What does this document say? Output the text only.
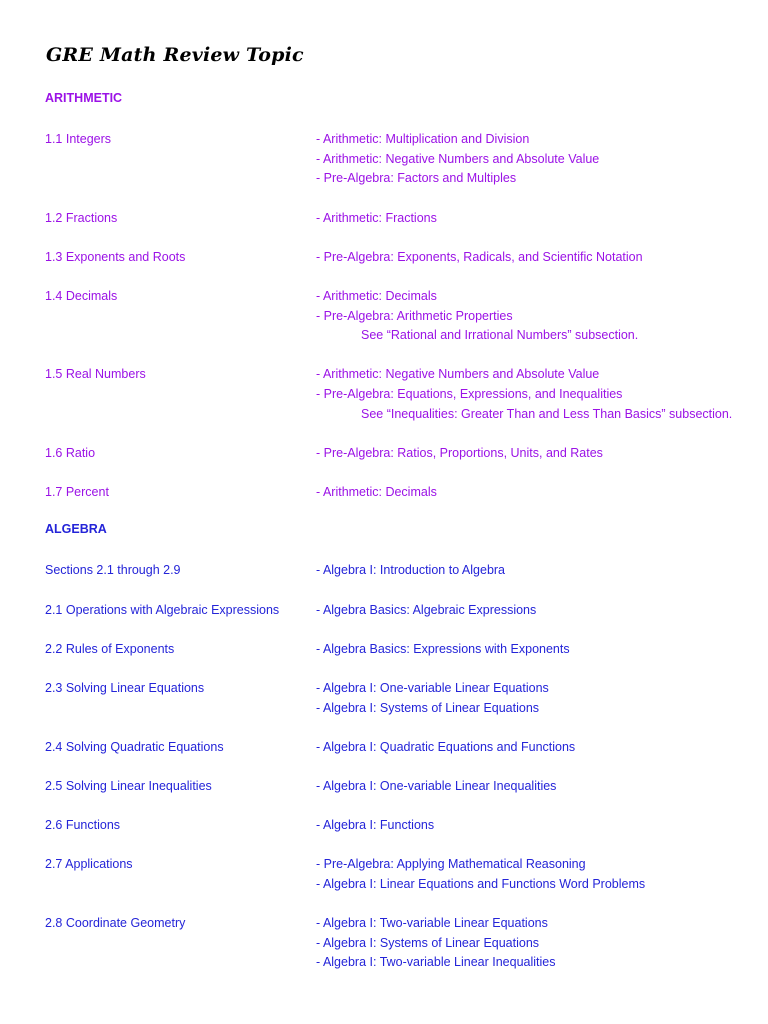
GRE Math Review Topic
ARITHMETIC
1.1 Integers	- Arithmetic: Multiplication and Division
- Arithmetic: Negative Numbers and Absolute Value
- Pre-Algebra: Factors and Multiples
1.2 Fractions	- Arithmetic: Fractions
1.3 Exponents and Roots	- Pre-Algebra: Exponents, Radicals, and Scientific Notation
1.4 Decimals	- Arithmetic: Decimals
- Pre-Algebra: Arithmetic Properties
See “Rational and Irrational Numbers” subsection.
1.5 Real Numbers	- Arithmetic: Negative Numbers and Absolute Value
- Pre-Algebra: Equations, Expressions, and Inequalities
See “Inequalities: Greater Than and Less Than Basics” subsection.
1.6 Ratio	- Pre-Algebra: Ratios, Proportions, Units, and Rates
1.7 Percent	- Arithmetic: Decimals
ALGEBRA
Sections 2.1 through 2.9	- Algebra I: Introduction to Algebra
2.1 Operations with Algebraic Expressions	- Algebra Basics: Algebraic Expressions
2.2 Rules of Exponents	- Algebra Basics: Expressions with Exponents
2.3 Solving Linear Equations	- Algebra I: One-variable Linear Equations
- Algebra I: Systems of Linear Equations
2.4 Solving Quadratic Equations	- Algebra I: Quadratic Equations and Functions
2.5 Solving Linear Inequalities	- Algebra I: One-variable Linear Inequalities
2.6 Functions	- Algebra I: Functions
2.7 Applications	- Pre-Algebra: Applying Mathematical Reasoning
- Algebra I: Linear Equations and Functions Word Problems
2.8 Coordinate Geometry	- Algebra I: Two-variable Linear Equations
- Algebra I: Systems of Linear Equations
- Algebra I: Two-variable Linear Inequalities
